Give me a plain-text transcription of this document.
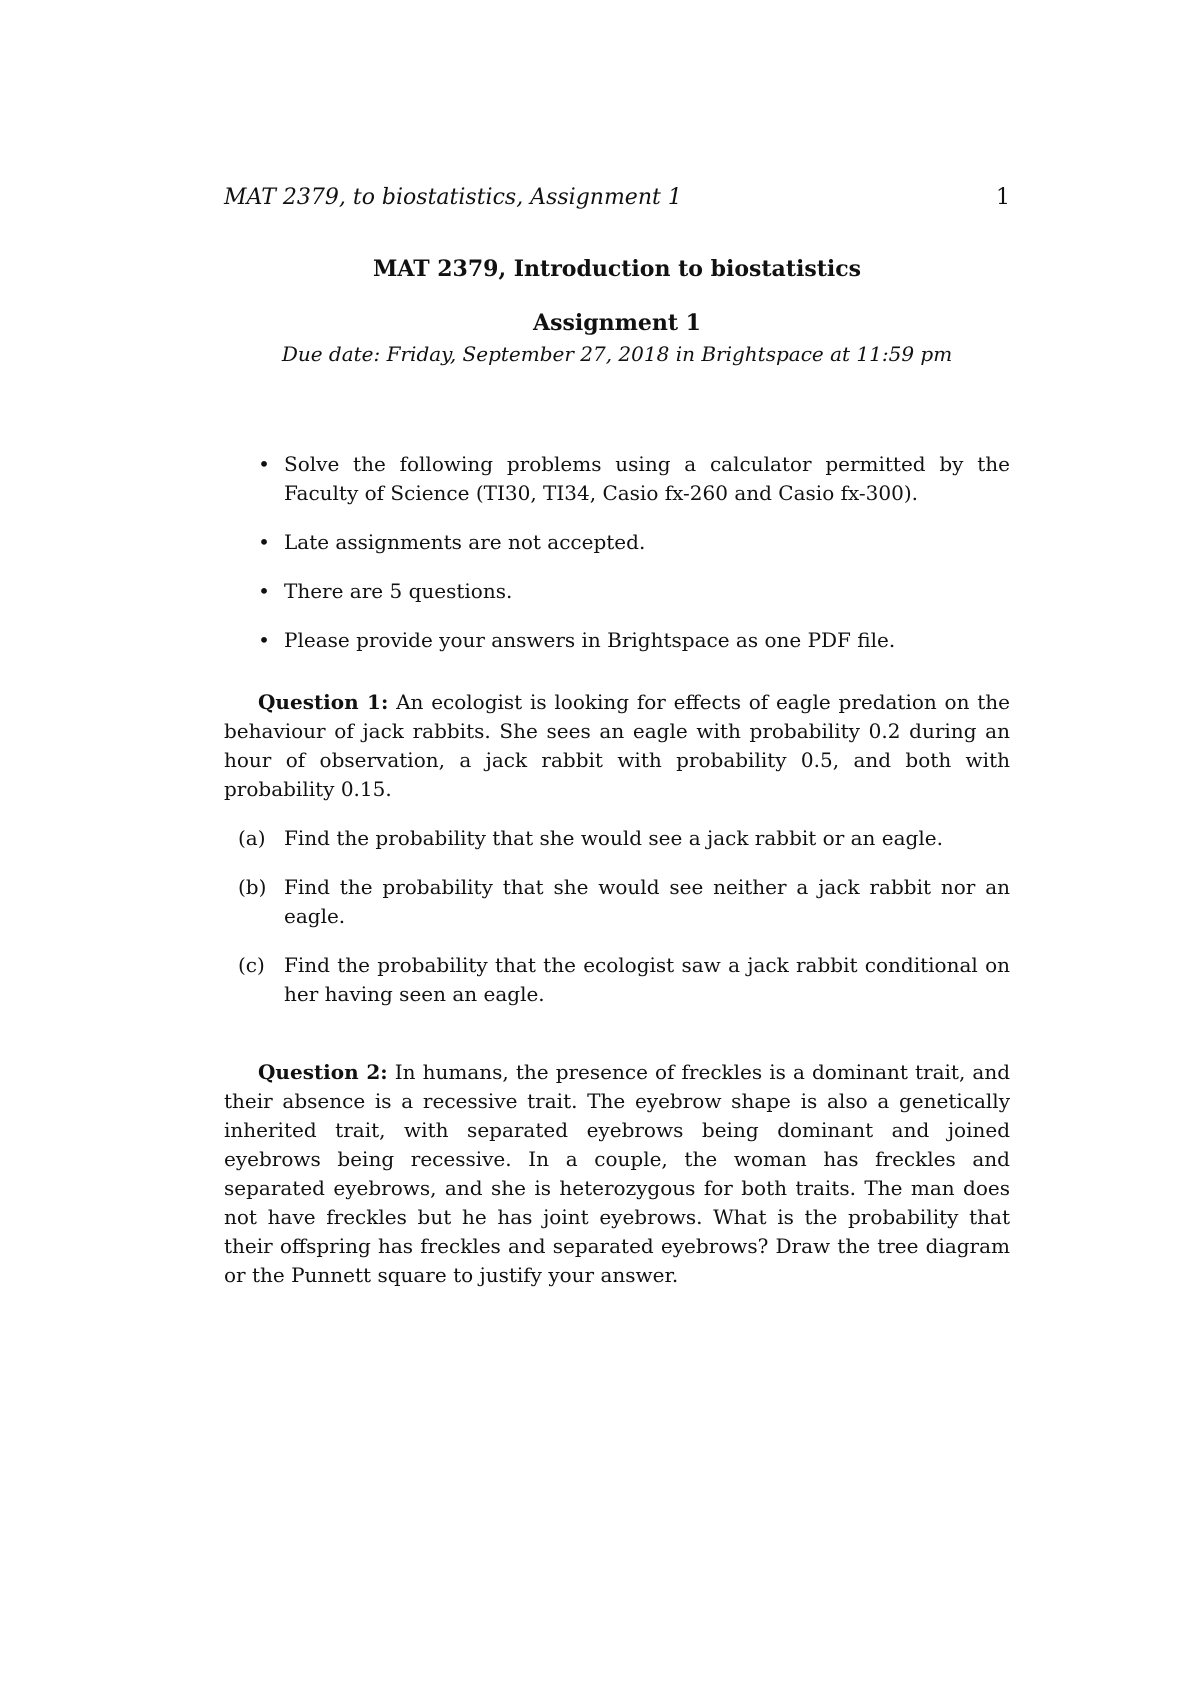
MAT 2379, to biostatistics, Assignment 1	1

MAT 2379, Introduction to biostatistics

Assignment 1

Due date: Friday, September 27, 2018 in Brightspace at 11:59 pm

• Solve the following problems using a calculator permitted by the Faculty of Science (TI30, TI34, Casio fx-260 and Casio fx-300).
• Late assignments are not accepted.
• There are 5 questions.
• Please provide your answers in Brightspace as one PDF file.

Question 1: An ecologist is looking for effects of eagle predation on the behaviour of jack rabbits. She sees an eagle with probability 0.2 during an hour of observation, a jack rabbit with probability 0.5, and both with probability 0.15.

(a) Find the probability that she would see a jack rabbit or an eagle.
(b) Find the probability that she would see neither a jack rabbit nor an eagle.
(c) Find the probability that the ecologist saw a jack rabbit conditional on her having seen an eagle.

Question 2: In humans, the presence of freckles is a dominant trait, and their absence is a recessive trait. The eyebrow shape is also a genetically inherited trait, with separated eyebrows being dominant and joined eyebrows being recessive. In a couple, the woman has freckles and separated eyebrows, and she is heterozygous for both traits. The man does not have freckles but he has joint eyebrows. What is the probability that their offspring has freckles and separated eyebrows? Draw the tree diagram or the Punnett square to justify your answer.
